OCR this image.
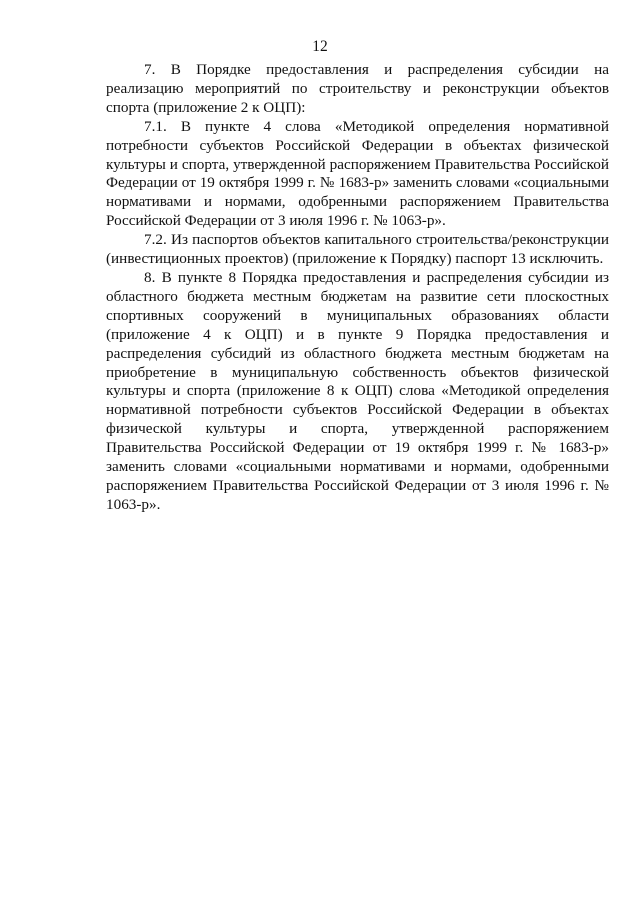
12

7. В Порядке предоставления и распределения субсидии на реализацию мероприятий по строительству и реконструкции объектов спорта (приложение 2 к ОЦП):

7.1. В пункте 4 слова «Методикой определения нормативной потребности субъектов Российской Федерации в объектах физической культуры и спорта, утвержденной распоряжением Правительства Российской Федерации от 19 октября 1999 г. № 1683-р» заменить словами «социальными нормативами и нормами, одобренными распоряжением Правительства Российской Федерации от 3 июля 1996 г. № 1063-р».

7.2. Из паспортов объектов капитального строительства/реконструкции (инвестиционных проектов) (приложение к Порядку) паспорт 13 исключить.

8. В пункте 8 Порядка предоставления и распределения субсидии из областного бюджета местным бюджетам на развитие сети плоскостных спортивных сооружений в муниципальных образованиях области (приложение 4 к ОЦП) и в пункте 9 Порядка предоставления и распределения субсидий из областного бюджета местным бюджетам на приобретение в муниципальную собственность объектов физической культуры и спорта (приложение 8 к ОЦП) слова «Методикой определения нормативной потребности субъектов Российской Федерации в объектах физической культуры и спорта, утвержденной распоряжением Правительства Российской Федерации от 19 октября 1999 г. № 1683-р» заменить словами «социальными нормативами и нормами, одобренными распоряжением Правительства Российской Федерации от 3 июля 1996 г. № 1063-р».
